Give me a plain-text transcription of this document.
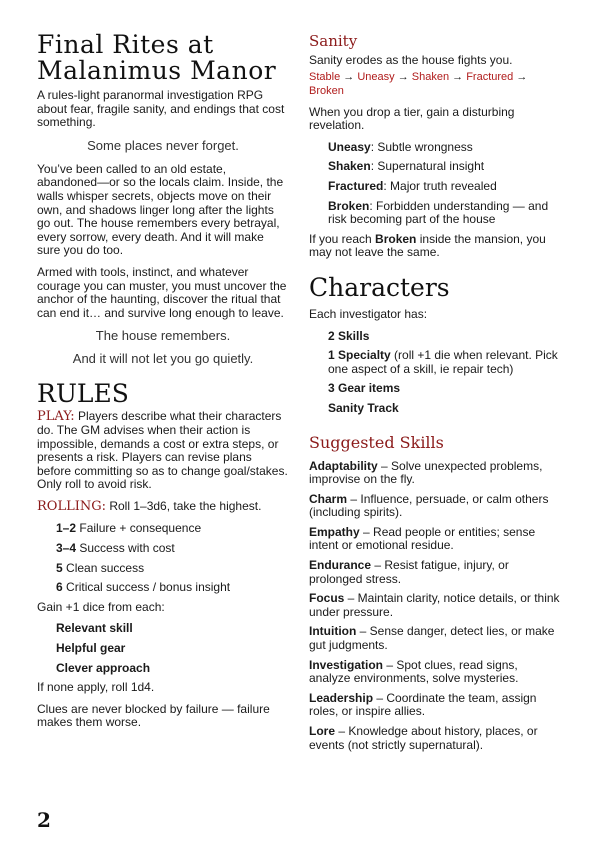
Final Rites at
Malanimus Manor

A rules-light paranormal investigation RPG about fear, fragile sanity, and endings that cost something.

Some places never forget.

You’ve been called to an old estate, abandoned—or so the locals claim. Inside, the walls whisper secrets, objects move on their own, and shadows linger long after the lights go out. The house remembers every betrayal, every sorrow, every death. And it will make sure you do too.

Armed with tools, instinct, and whatever courage you can muster, you must uncover the anchor of the haunting, discover the ritual that can end it… and survive long enough to leave.

The house remembers.
And it will not let you go quietly.
RULES

PLAY: Players describe what their characters do. The GM advises when their action is impossible, demands a cost or extra steps, or presents a risk. Players can revise plans before committing so as to change goal/stakes. Only roll to avoid risk.

ROLLING: Roll 1–3d6, take the highest.

1–2 Failure + consequence

3–4 Success with cost

5 Clean success

6 Critical success / bonus insight

Gain +1 dice from each:

Relevant skill

Helpful gear

Clever approach

If none apply, roll 1d4.

Clues are never blocked by failure — failure makes them worse.

Sanity

Sanity erodes as the house fights you.

Stable → Uneasy → Shaken → Fractured → Broken

When you drop a tier, gain a disturbing revelation.

Uneasy: Subtle wrongness

Shaken: Supernatural insight

Fractured: Major truth revealed

Broken: Forbidden understanding — and risk becoming part of the house

If you reach Broken inside the mansion, you may not leave the same.

Characters

Each investigator has:

2 Skills

1 Specialty (roll +1 die when relevant. Pick one aspect of a skill, ie repair tech)

3 Gear items

Sanity Track

Suggested Skills

Adaptability – Solve unexpected problems, improvise on the fly.

Charm – Influence, persuade, or calm others (including spirits).

Empathy – Read people or entities; sense intent or emotional residue.

Endurance – Resist fatigue, injury, or prolonged stress.

Focus – Maintain clarity, notice details, or think under pressure.

Intuition – Sense danger, detect lies, or make gut judgments.

Investigation – Spot clues, read signs, analyze environments, solve mysteries.

Leadership – Coordinate the team, assign roles, or inspire allies.

Lore – Knowledge about history, places, or events (not strictly supernatural).

2
